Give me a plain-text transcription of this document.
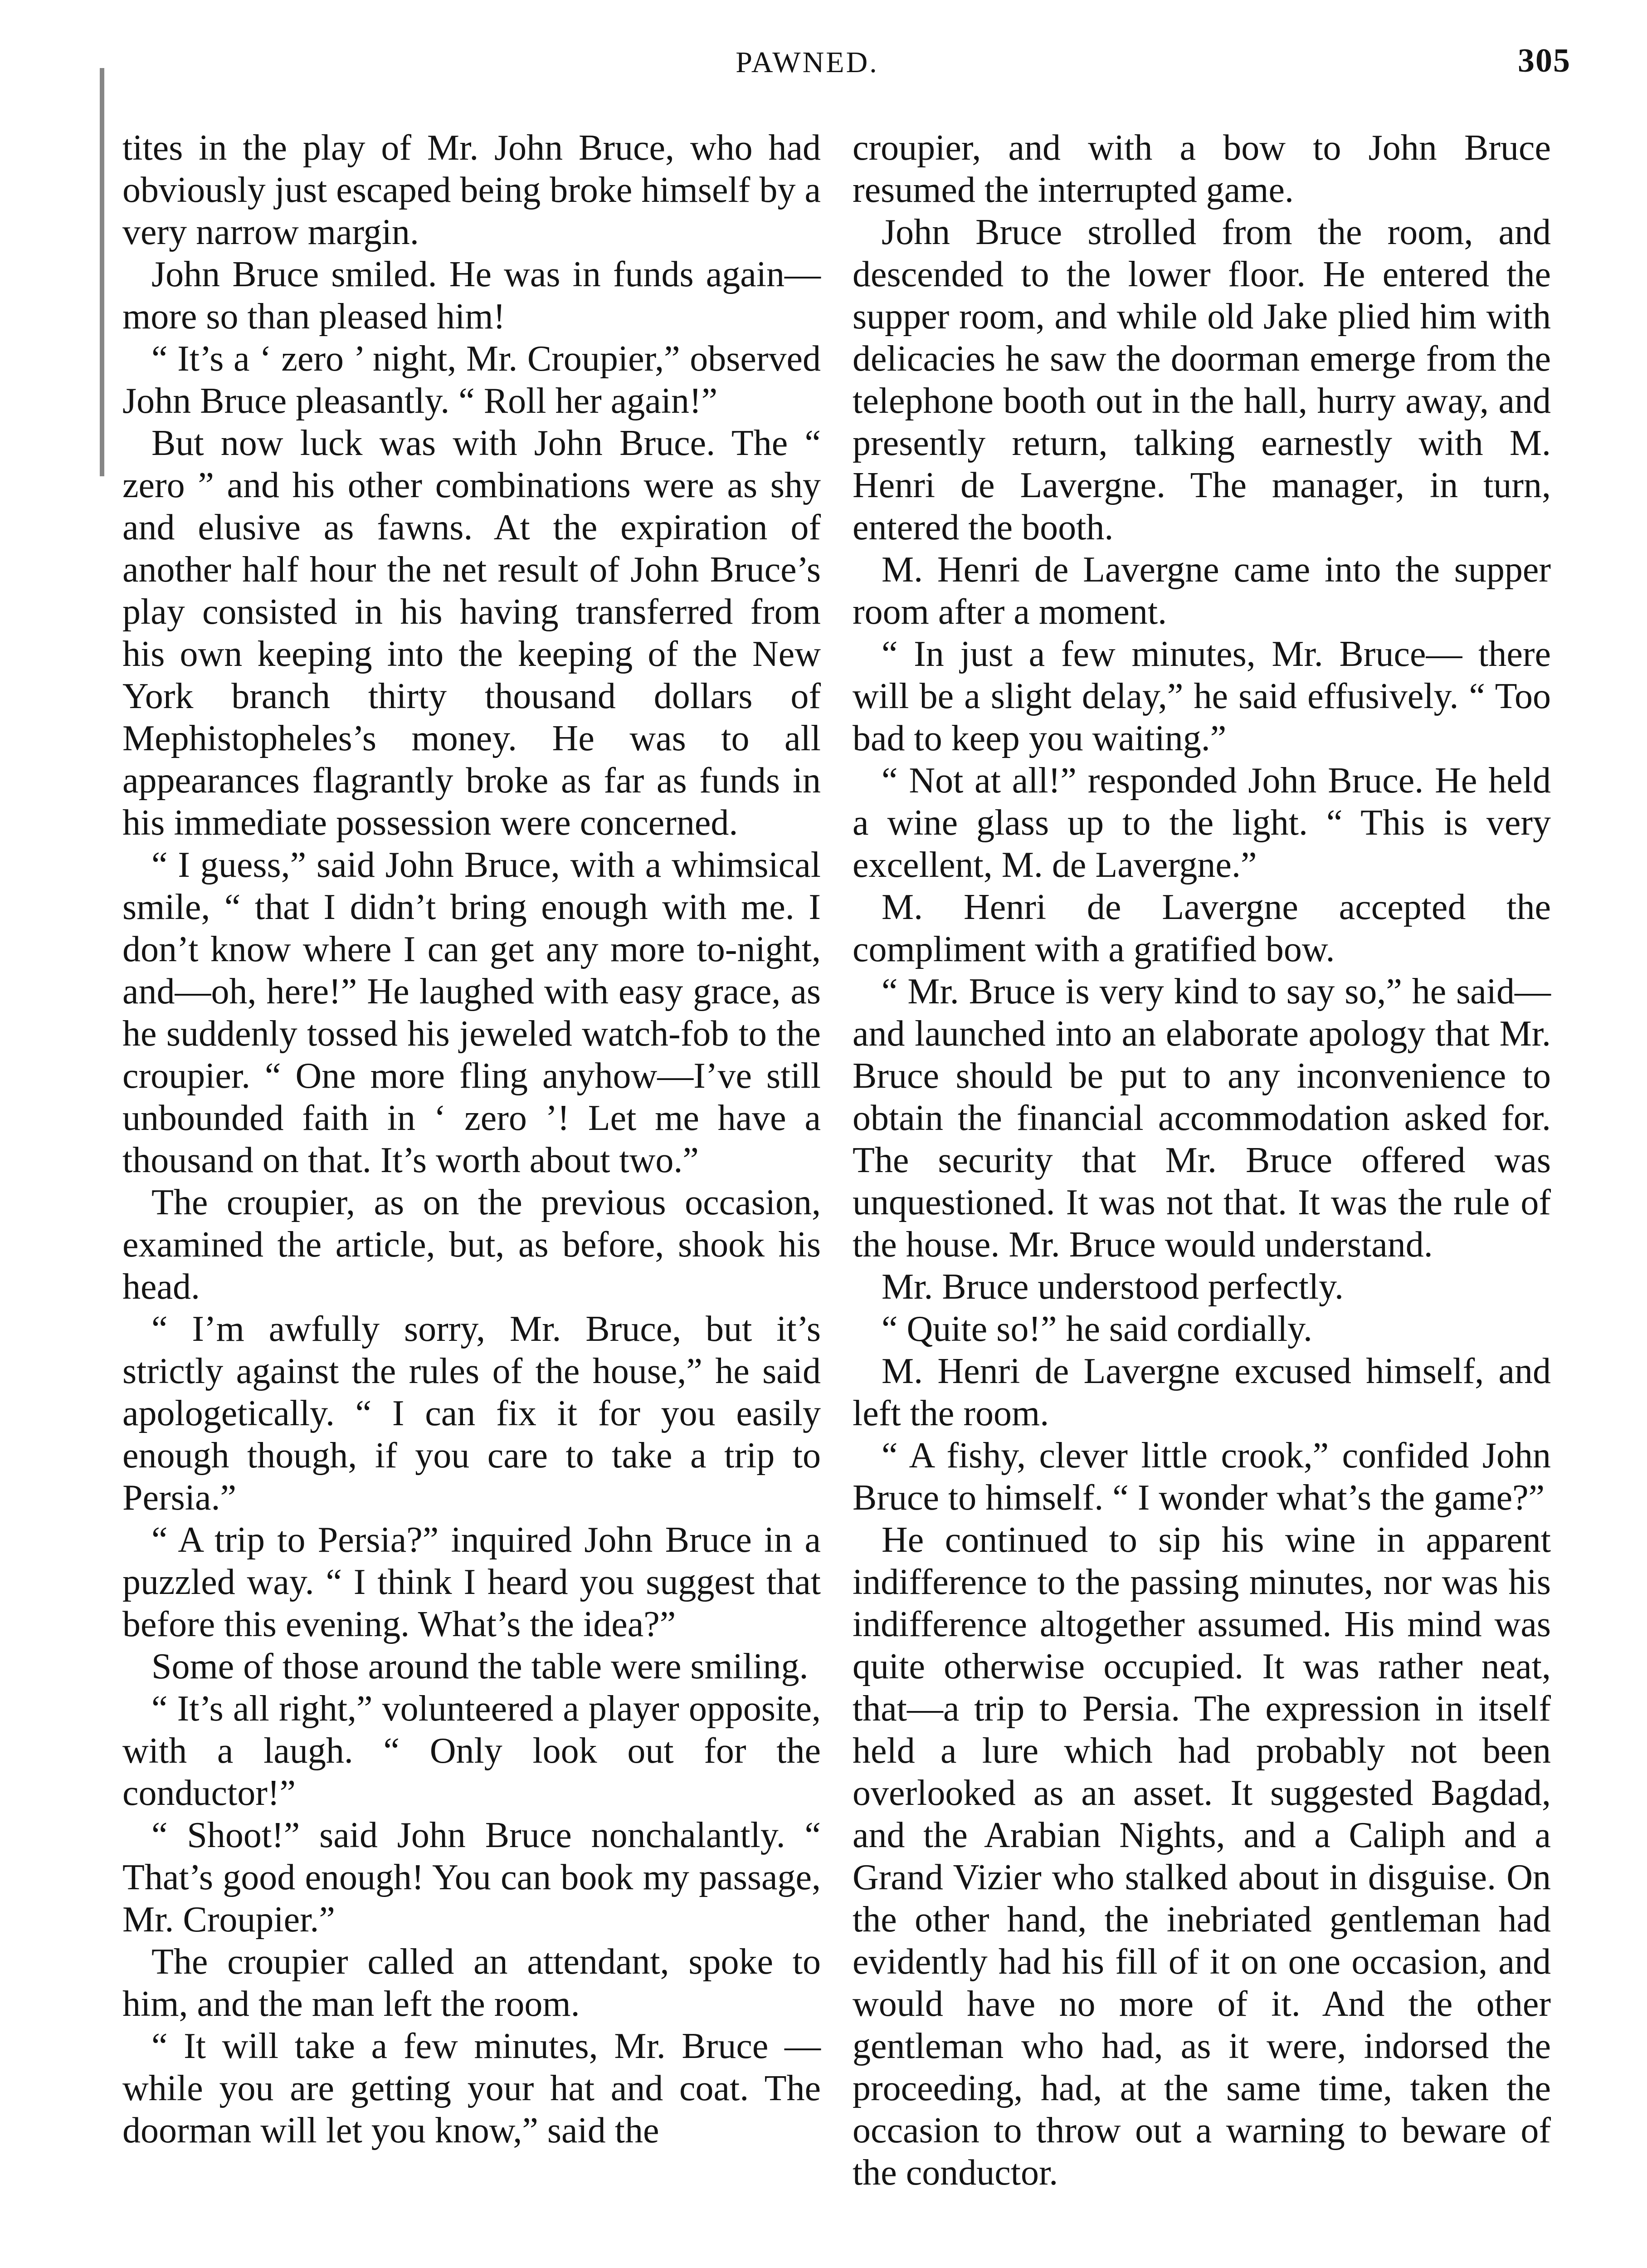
PAWNED.	305

tites in the play of Mr. John Bruce, who had obviously just escaped being broke himself by a very narrow margin.

John Bruce smiled. He was in funds again—more so than pleased him!

“ It’s a ‘ zero ’ night, Mr. Croupier,” observed John Bruce pleasantly. “ Roll her again!”

But now luck was with John Bruce. The “ zero ” and his other combinations were as shy and elusive as fawns. At the expiration of another half hour the net result of John Bruce’s play consisted in his having transferred from his own keeping into the keeping of the New York branch thirty thousand dollars of Mephistopheles’s money. He was to all appearances flagrantly broke as far as funds in his immediate possession were concerned.

“ I guess,” said John Bruce, with a whimsical smile, “ that I didn’t bring enough with me. I don’t know where I can get any more to-night, and—oh, here!” He laughed with easy grace, as he suddenly tossed his jeweled watch-fob to the croupier. “ One more fling anyhow—I’ve still unbounded faith in ‘ zero ’! Let me have a thousand on that. It’s worth about two.”

The croupier, as on the previous occasion, examined the article, but, as before, shook his head.

“ I’m awfully sorry, Mr. Bruce, but it’s strictly against the rules of the house,” he said apologetically. “ I can fix it for you easily enough though, if you care to take a trip to Persia.”

“ A trip to Persia?” inquired John Bruce in a puzzled way. “ I think I heard you suggest that before this evening. What’s the idea?”

Some of those around the table were smiling.

“ It’s all right,” volunteered a player opposite, with a laugh. “ Only look out for the conductor!”

“ Shoot!” said John Bruce nonchalantly. “ That’s good enough! You can book my passage, Mr. Croupier.”

The croupier called an attendant, spoke to him, and the man left the room.

“ It will take a few minutes, Mr. Bruce —while you are getting your hat and coat. The doorman will let you know,” said the

croupier, and with a bow to John Bruce resumed the interrupted game.

John Bruce strolled from the room, and descended to the lower floor. He entered the supper room, and while old Jake plied him with delicacies he saw the doorman emerge from the telephone booth out in the hall, hurry away, and presently return, talking earnestly with M. Henri de Lavergne. The manager, in turn, entered the booth.

M. Henri de Lavergne came into the supper room after a moment.

“ In just a few minutes, Mr. Bruce— there will be a slight delay,” he said effusively. “ Too bad to keep you waiting.”

“ Not at all!” responded John Bruce. He held a wine glass up to the light. “ This is very excellent, M. de Lavergne.”

M. Henri de Lavergne accepted the compliment with a gratified bow.

“ Mr. Bruce is very kind to say so,” he said—and launched into an elaborate apology that Mr. Bruce should be put to any inconvenience to obtain the financial accommodation asked for. The security that Mr. Bruce offered was unquestioned. It was not that. It was the rule of the house. Mr. Bruce would understand.

Mr. Bruce understood perfectly.

“ Quite so!” he said cordially.

M. Henri de Lavergne excused himself, and left the room.

“ A fishy, clever little crook,” confided John Bruce to himself. “ I wonder what’s the game?”

He continued to sip his wine in apparent indifference to the passing minutes, nor was his indifference altogether assumed. His mind was quite otherwise occupied. It was rather neat, that—a trip to Persia. The expression in itself held a lure which had probably not been overlooked as an asset. It suggested Bagdad, and the Arabian Nights, and a Caliph and a Grand Vizier who stalked about in disguise. On the other hand, the inebriated gentleman had evidently had his fill of it on one occasion, and would have no more of it. And the other gentleman who had, as it were, indorsed the proceeding, had, at the same time, taken the occasion to throw out a warning to beware of the conductor.
